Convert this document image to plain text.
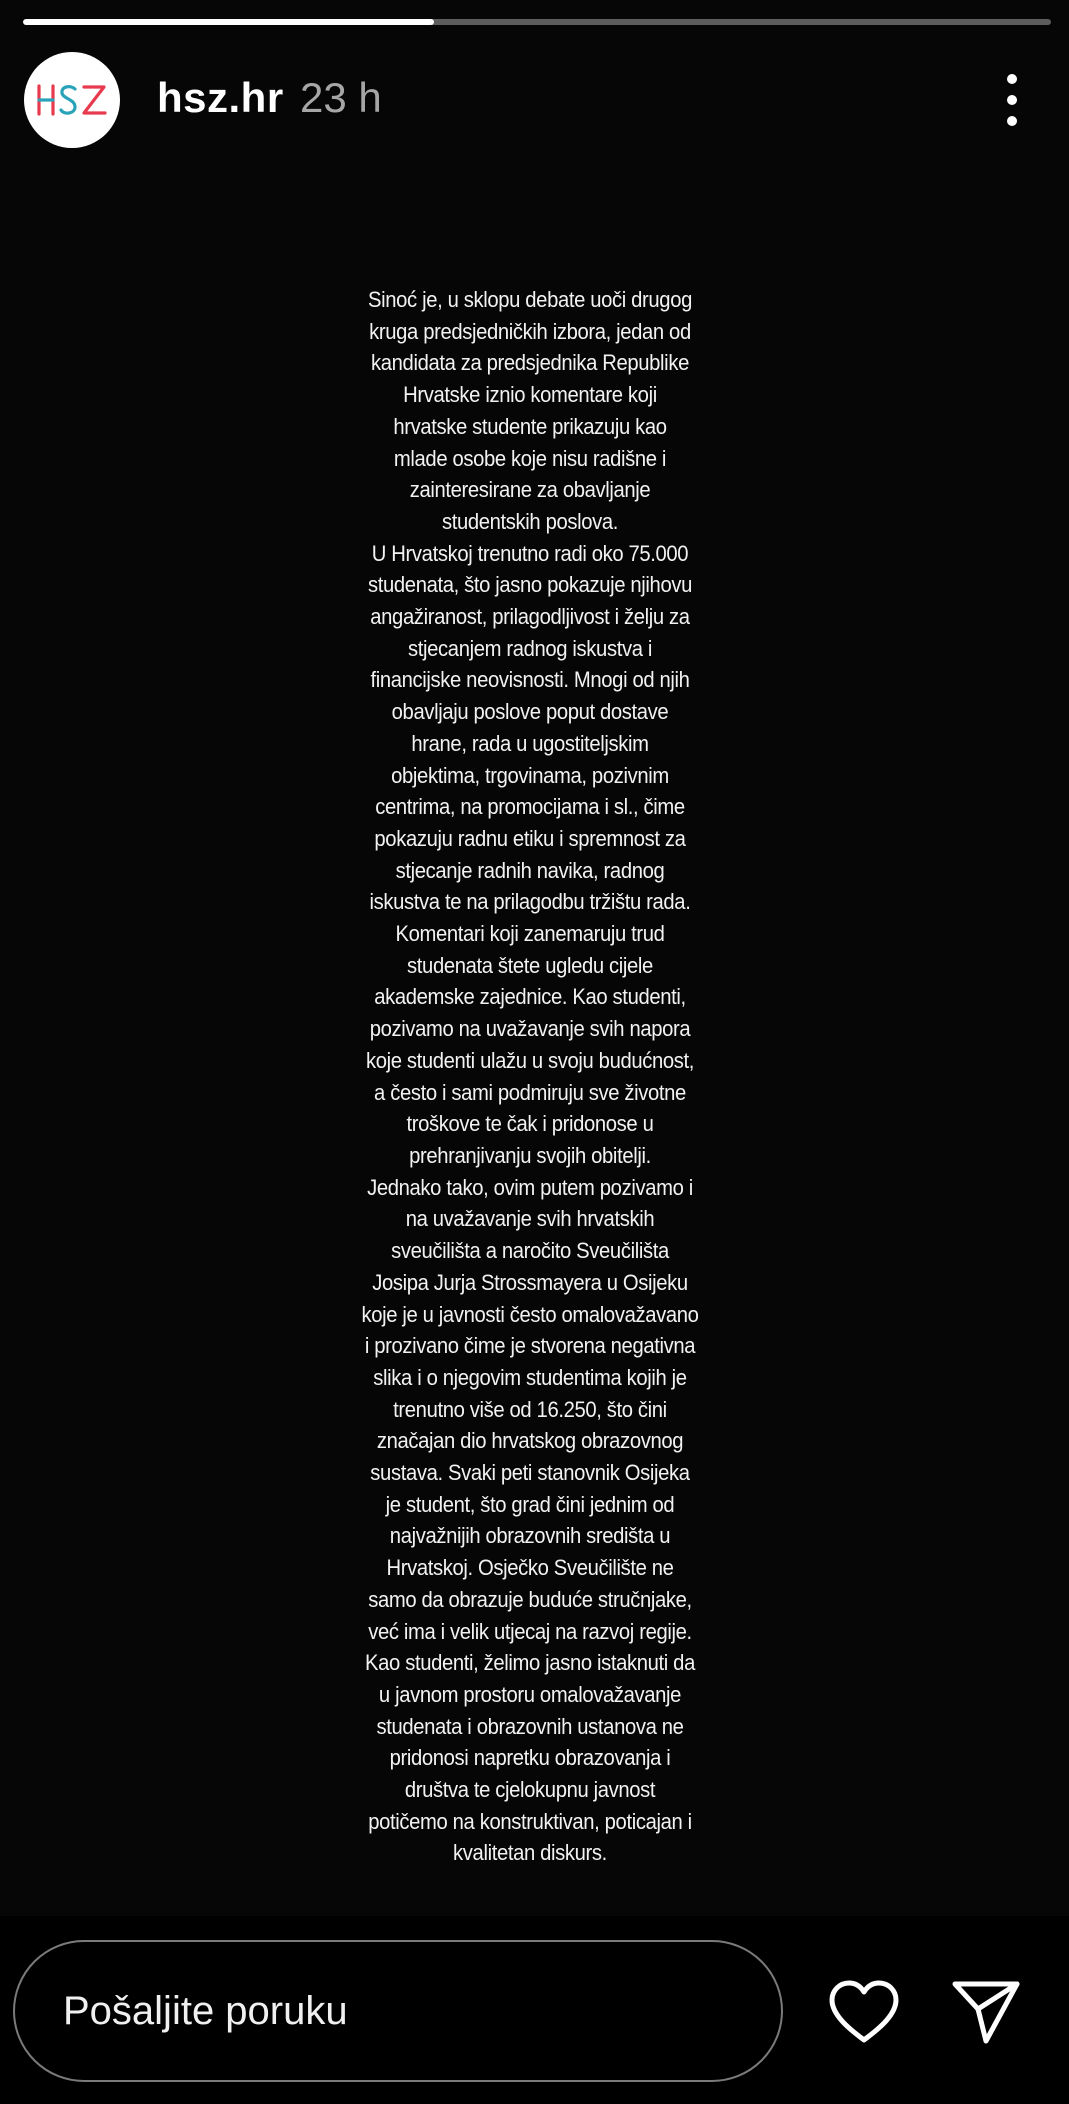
hsz.hr 23 h
Sinoć je, u sklopu debate uoči drugog
kruga predsjedničkih izbora, jedan od
kandidata za predsjednika Republike
Hrvatske iznio komentare koji
hrvatske studente prikazuju kao
mlade osobe koje nisu radišne i
zainteresirane za obavljanje
studentskih poslova.
U Hrvatskoj trenutno radi oko 75.000
studenata, što jasno pokazuje njihovu
angažiranost, prilagodljivost i želju za
stjecanjem radnog iskustva i
financijske neovisnosti. Mnogi od njih
obavljaju poslove poput dostave
hrane, rada u ugostiteljskim
objektima, trgovinama, pozivnim
centrima, na promocijama i sl., čime
pokazuju radnu etiku i spremnost za
stjecanje radnih navika, radnog
iskustva te na prilagodbu tržištu rada.
Komentari koji zanemaruju trud
studenata štete ugledu cijele
akademske zajednice. Kao studenti,
pozivamo na uvažavanje svih napora
koje studenti ulažu u svoju budućnost,
a često i sami podmiruju sve životne
troškove te čak i pridonose u
prehranjivanju svojih obitelji.
Jednako tako, ovim putem pozivamo i
na uvažavanje svih hrvatskih
sveučilišta a naročito Sveučilišta
Josipa Jurja Strossmayera u Osijeku
koje je u javnosti često omalovažavano
i prozivano čime je stvorena negativna
slika i o njegovim studentima kojih je
trenutno više od 16.250, što čini
značajan dio hrvatskog obrazovnog
sustava. Svaki peti stanovnik Osijeka
je student, što grad čini jednim od
najvažnijih obrazovnih središta u
Hrvatskoj. Osječko Sveučilište ne
samo da obrazuje buduće stručnjake,
već ima i velik utjecaj na razvoj regije.
Kao studenti, želimo jasno istaknuti da
u javnom prostoru omalovažavanje
studenata i obrazovnih ustanova ne
pridonosi napretku obrazovanja i
društva te cjelokupnu javnost
potičemo na konstruktivan, poticajan i
kvalitetan diskurs.
Pošaljite poruku
